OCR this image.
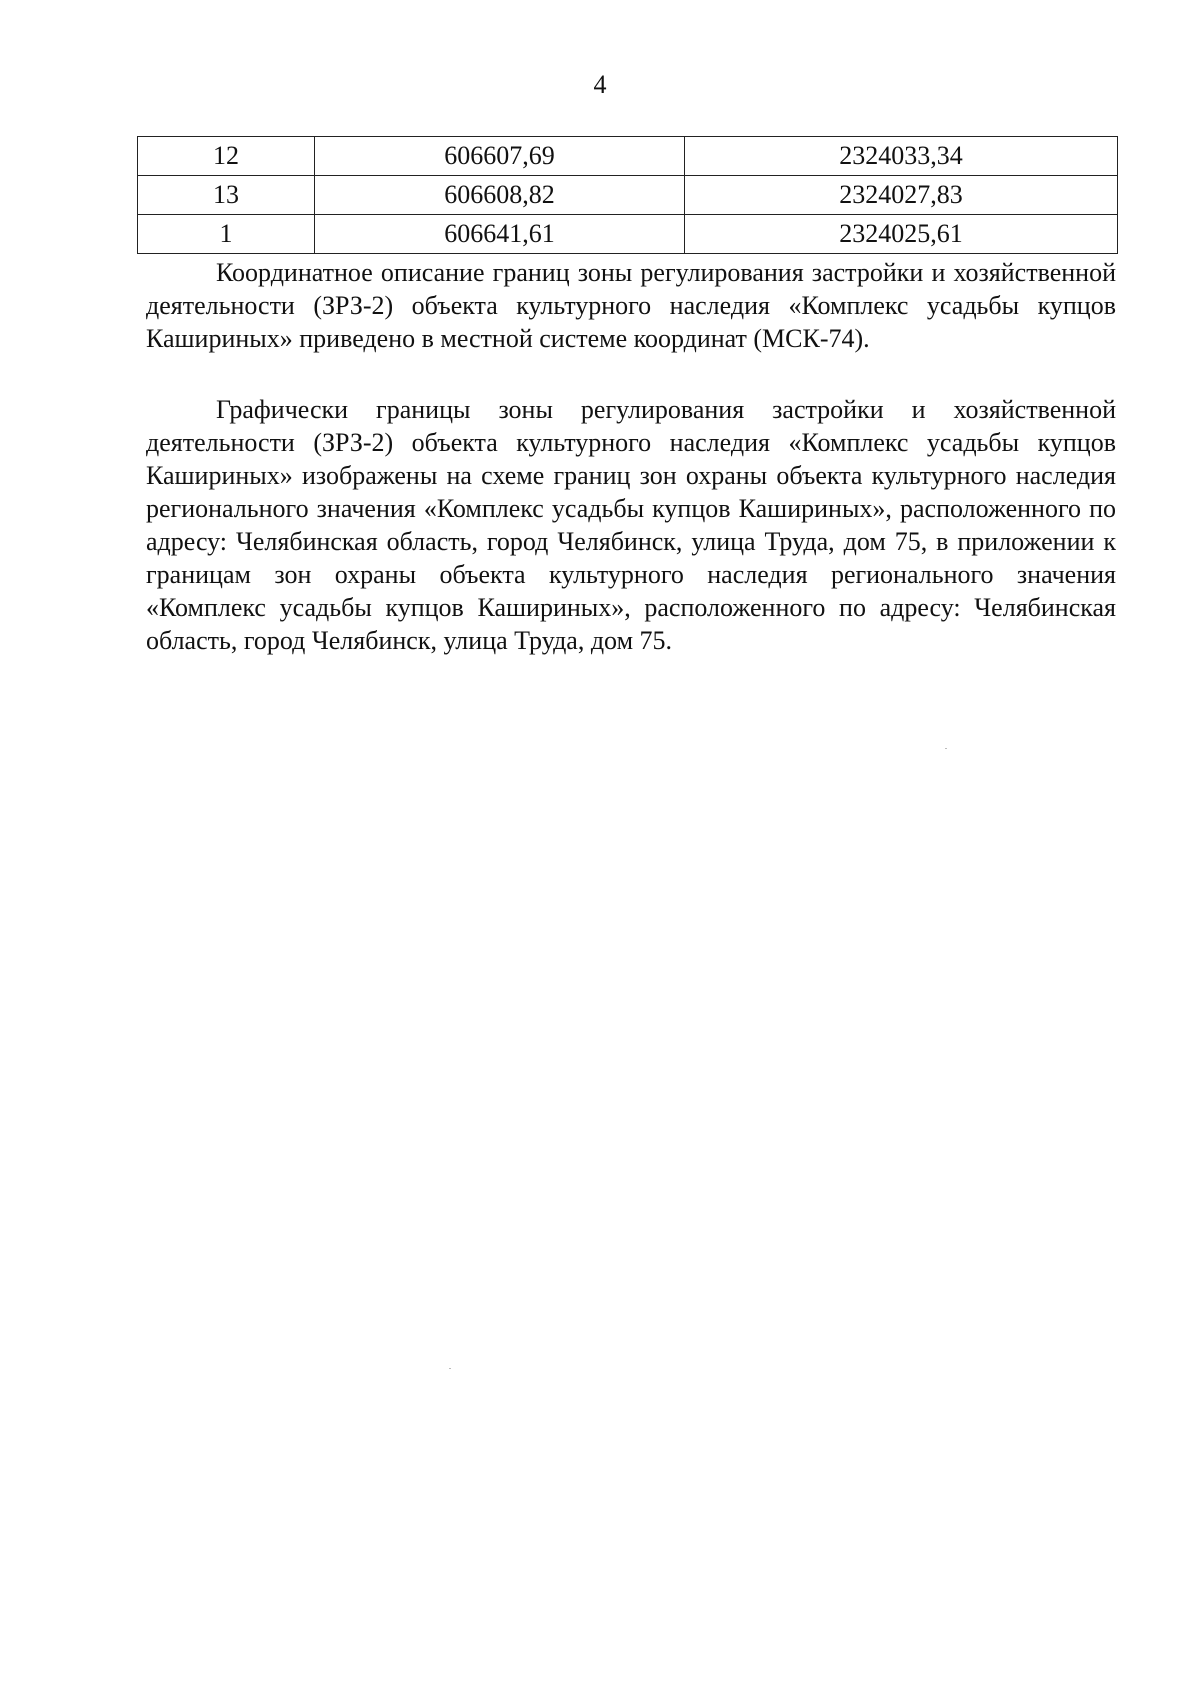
4
12	606607,69	2324033,34
13	606608,82	2324027,83
1	606641,61	2324025,61

Координатное описание границ зоны регулирования застройки и хозяйственной деятельности (ЗРЗ-2) объекта культурного наследия «Комплекс усадьбы купцов Кашириных» приведено в местной системе координат (МСК-74).

Графически границы зоны регулирования застройки и хозяйственной деятельности (ЗРЗ-2) объекта культурного наследия «Комплекс усадьбы купцов Кашириных» изображены на схеме границ зон охраны объекта культурного наследия регионального значения «Комплекс усадьбы купцов Кашириных», расположенного по адресу: Челябинская область, город Челябинск, улица Труда, дом 75, в приложении к границам зон охраны объекта культурного наследия регионального значения «Комплекс усадьбы купцов Кашириных», расположенного по адресу: Челябинская область, город Челябинск, улица Труда, дом 75.
